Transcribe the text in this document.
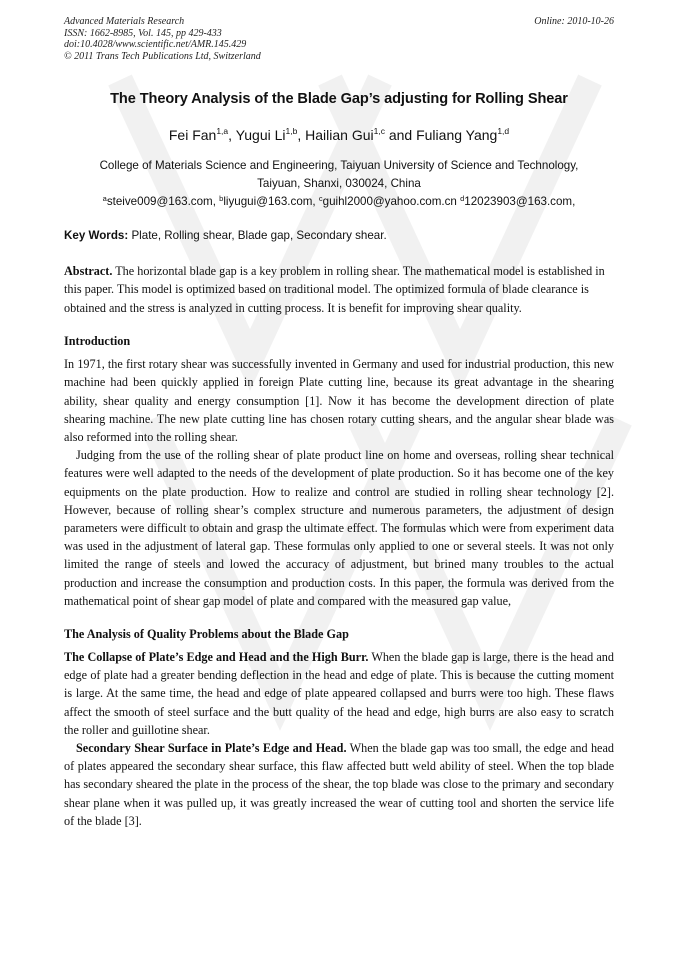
Advanced Materials Research
ISSN: 1662-8985, Vol. 145, pp 429-433
doi:10.4028/www.scientific.net/AMR.145.429
© 2011 Trans Tech Publications Ltd, Switzerland
Online: 2010-10-26
The Theory Analysis of the Blade Gap’s adjusting for Rolling Shear
Fei Fan$^{1,a}$, Yugui Li$^{1,b}$, Hailian Gui$^{1,c}$ and Fuliang Yang$^{1,d}$
College of Materials Science and Engineering, Taiyuan University of Science and Technology,
Taiyuan, Shanxi, 030024, China
$^a$steive009@163.com, $^b$liyugui@163.com, $^c$guihl2000@yahoo.com.cn $^d$12023903@163.com,
Key Words: Plate, Rolling shear, Blade gap, Secondary shear.
Abstract. The horizontal blade gap is a key problem in rolling shear. The mathematical model is established in this paper. This model is optimized based on traditional model. The optimized formula of blade clearance is obtained and the stress is analyzed in cutting process. It is benefit for improving shear quality.
Introduction

In 1971, the first rotary shear was successfully invented in Germany and used for industrial production, this new machine had been quickly applied in foreign Plate cutting line, because its great advantage in the shearing ability, shear quality and energy consumption [1]. Now it has become the development direction of plate shearing machine. The new plate cutting line has chosen rotary cutting shears, and the angular shear blade was also reformed into the rolling shear.

Judging from the use of the rolling shear of plate product line on home and overseas, rolling shear technical features were well adapted to the needs of the development of plate production. So it has become one of the key equipments on the plate production. How to realize and control are studied in rolling shear technology [2]. However, because of rolling shear’s complex structure and numerous parameters, the adjustment of design parameters were difficult to obtain and grasp the ultimate effect. The formulas which were from experiment data was used in the adjustment of lateral gap. These formulas only applied to one or several steels. It was not only limited the range of steels and lowed the accuracy of adjustment, but brined many troubles to the actual production and increase the consumption and production costs. In this paper, the formula was derived from the mathematical point of shear gap model of plate and compared with the measured gap value,

The Analysis of Quality Problems about the Blade Gap

The Collapse of Plate’s Edge and Head and the High Burr. When the blade gap is large, there is the head and edge of plate had a greater bending deflection in the head and edge of plate. This is because the cutting moment is large. At the same time, the head and edge of plate appeared collapsed and burrs were too high. These flaws affect the smooth of steel surface and the butt quality of the head and edge, high burrs are also easy to scratch the roller and guillotine shear.

Secondary Shear Surface in Plate’s Edge and Head. When the blade gap was too small, the edge and head of plates appeared the secondary shear surface, this flaw affected butt weld ability of steel. When the top blade has secondary sheared the plate in the process of the shear, the top blade was close to the primary and secondary shear plane when it was pulled up, it was greatly increased the wear of cutting tool and shorten the service life of the blade [3].
